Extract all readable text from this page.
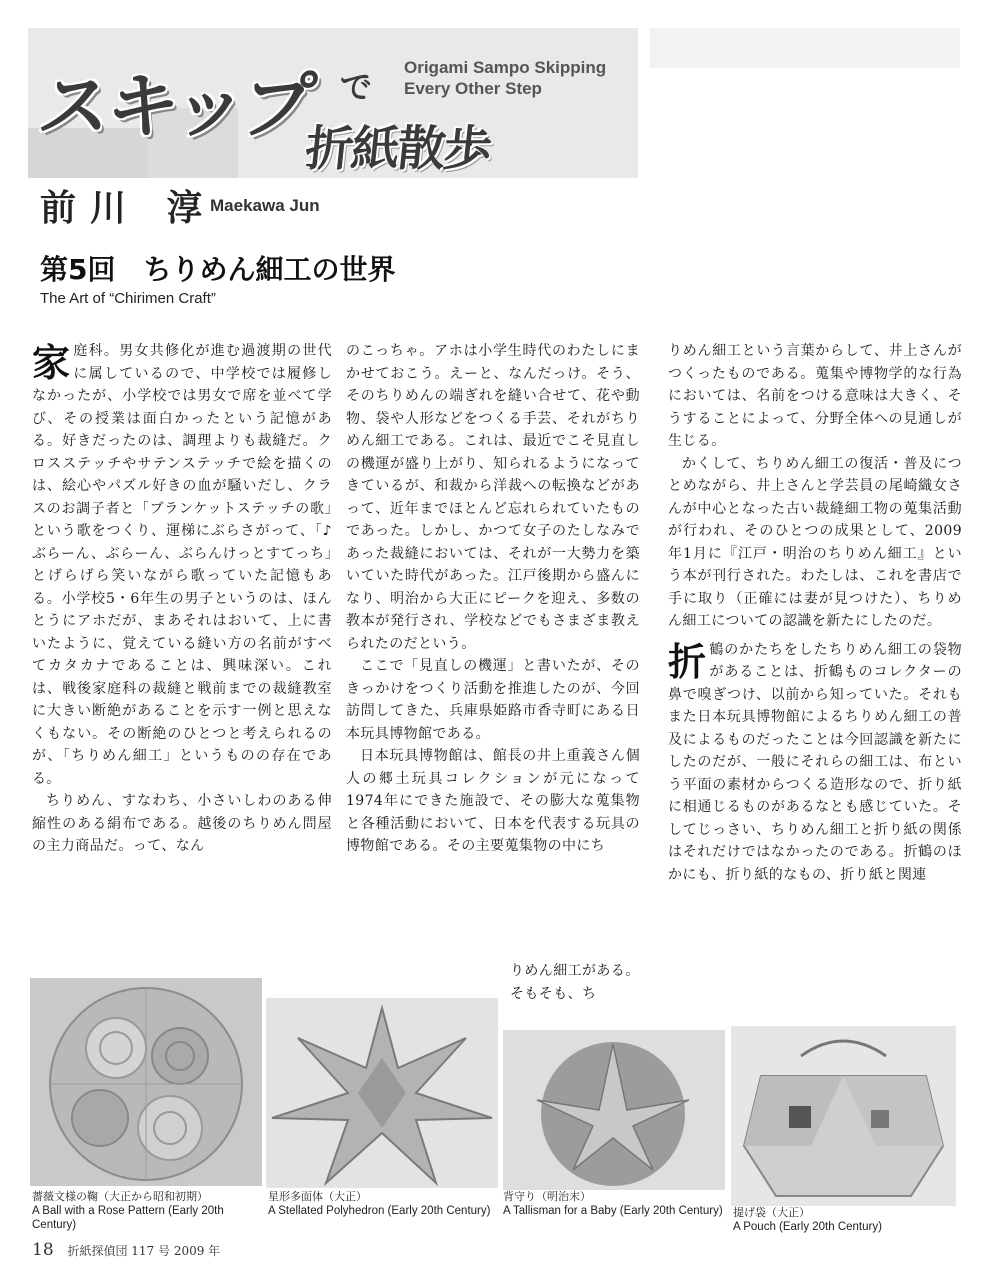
スキップ で
折紙散歩
Origami Sampo Skipping
Every Other Step
前川 淳
Maekawa Jun
第5回　ちりめん細工の世界
The Art of “Chirimen Craft”

家庭科。男女共修化が進む過渡期の世代に属しているので、中学校では履修しなかったが、小学校では男女で席を並べて学び、その授業は面白かったという記憶がある。好きだったのは、調理よりも裁縫だ。クロスステッチやサテンステッチで絵を描くのは、絵心やパズル好きの血が騒いだし、クラスのお調子者と「ブランケットステッチの歌」という歌をつくり、運梯にぶらさがって、「♪ぶらーん、ぶらーん、ぶらんけっとすてっち」とげらげら笑いながら歌っていた記憶もある。小学校5・6年生の男子というのは、ほんとうにアホだが、まあそれはおいて、上に書いたように、覚えている縫い方の名前がすべてカタカナであることは、興味深い。これは、戦後家庭科の裁縫と戦前までの裁縫教室に大きい断絶があることを示す一例と思えなくもない。その断絶のひとつと考えられるのが、「ちりめん細工」というものの存在である。

ちりめん、すなわち、小さいしわのある伸縮性のある絹布である。越後のちりめん問屋の主力商品だ。って、なん

のこっちゃ。アホは小学生時代のわたしにまかせておこう。えーと、なんだっけ。そう、そのちりめんの端ぎれを縫い合せて、花や動物、袋や人形などをつくる手芸、それがちりめん細工である。これは、最近でこそ見直しの機運が盛り上がり、知られるようになってきているが、和裁から洋裁への転換などがあって、近年までほとんど忘れられていたものであった。しかし、かつて女子のたしなみであった裁縫においては、それが一大勢力を築いていた時代があった。江戸後期から盛んになり、明治から大正にピークを迎え、多数の教本が発行され、学校などでもさまざま教えられたのだという。

ここで「見直しの機運」と書いたが、そのきっかけをつくり活動を推進したのが、今回訪問してきた、兵庫県姫路市香寺町にある日本玩具博物館である。

日本玩具博物館は、館長の井上重義さん個人の郷土玩具コレクションが元になって1974年にできた施設で、その膨大な蒐集物と各種活動において、日本を代表する玩具の博物館である。その主要蒐集物の中にち

りめん細工がある。そもそも、ち

りめん細工という言葉からして、井上さんがつくったものである。蒐集や博物学的な行為においては、名前をつける意味は大きく、そうすることによって、分野全体への見通しが生じる。

かくして、ちりめん細工の復活・普及につとめながら、井上さんと学芸員の尾崎織女さんが中心となった古い裁縫細工物の蒐集活動が行われ、そのひとつの成果として、2009年1月に『江戸・明治のちりめん細工』という本が刊行された。わたしは、これを書店で手に取り（正確には妻が見つけた）、ちりめん細工についての認識を新たにしたのだ。

折鶴のかたちをしたちりめん細工の袋物があることは、折鶴ものコレクターの鼻で嗅ぎつけ、以前から知っていた。それもまた日本玩具博物館によるちりめん細工の普及によるものだったことは今回認識を新たにしたのだが、一般にそれらの細工は、布という平面の素材からつくる造形なので、折り紙に相通じるものがあるなとも感じていた。そしてじっさい、ちりめん細工と折り紙の関係はそれだけではなかったのである。折鶴のほかにも、折り紙的なもの、折り紙と関連

薔薇文様の鞠（大正から昭和初期）
A Ball with a Rose Pattern (Early 20th Century)
星形多面体（大正）
A Stellated Polyhedron (Early 20th Century)
背守り（明治末）
A Tallisman for a Baby (Early 20th Century) 提げ袋（大正）
A Pouch (Early 20th Century)
18 折紙探偵団 117 号 2009 年
